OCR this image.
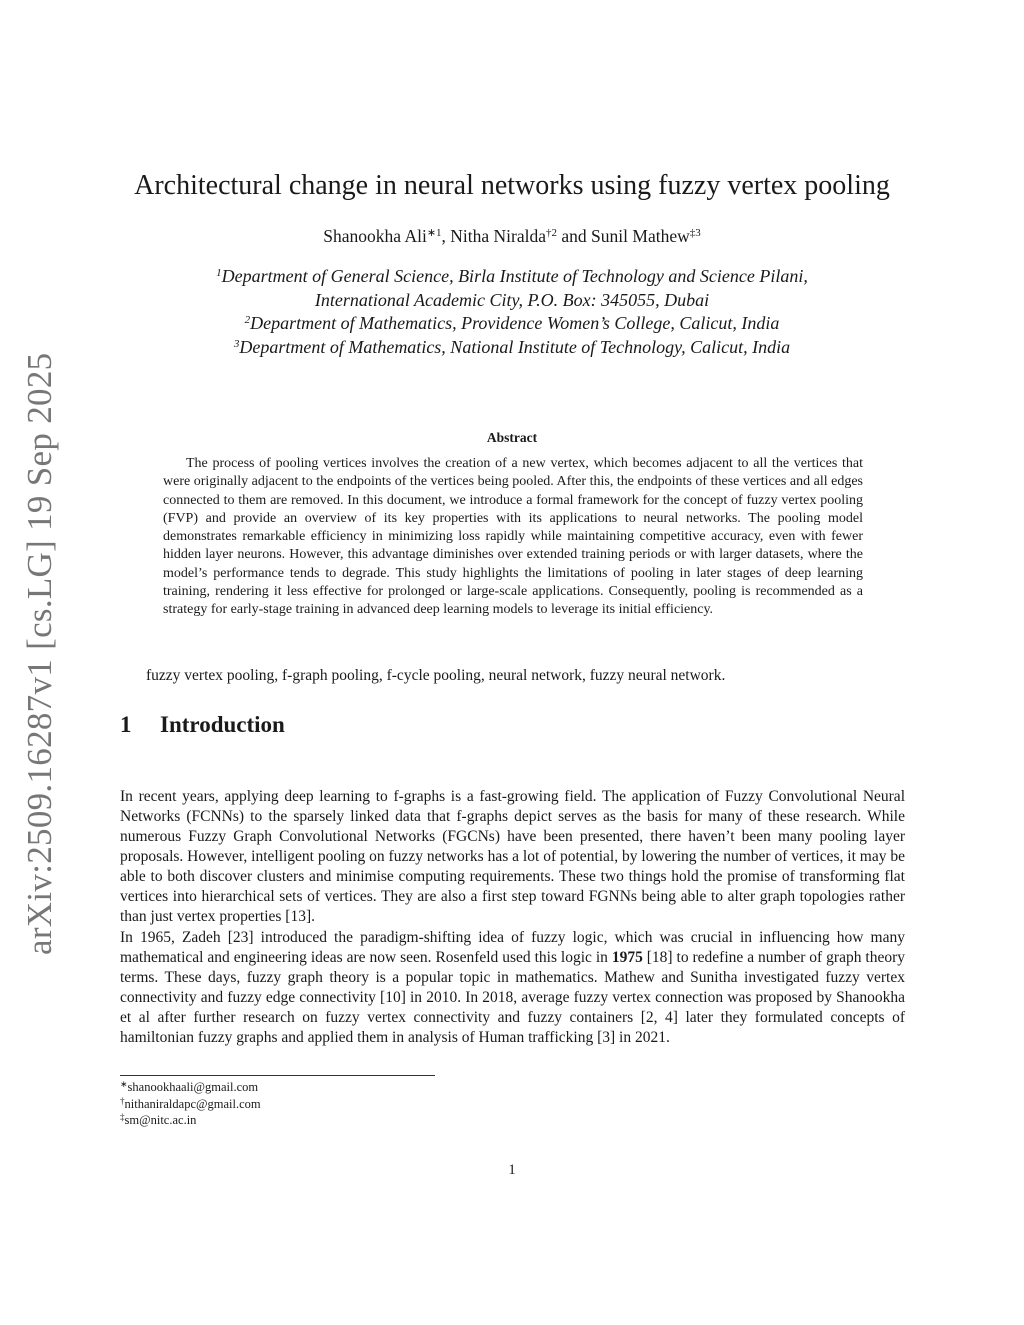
arXiv:2509.16287v1 [cs.LG] 19 Sep 2025
Architectural change in neural networks using fuzzy vertex pooling
Shanookha Ali$^{∗1}$, Nitha Niralda$^{\dagger 2}$ and Sunil Mathew$^{\ddagger 3}$
$^1$Department of General Science, Birla Institute of Technology and Science Pilani,
International Academic City, P.O. Box: 345055, Dubai
$^2$Department of Mathematics, Providence Women’s College, Calicut, India
$^3$Department of Mathematics, National Institute of Technology, Calicut, India
Abstract

The process of pooling vertices involves the creation of a new vertex, which becomes adjacent to all the vertices that were originally adjacent to the endpoints of the vertices being pooled. After this, the endpoints of these vertices and all edges connected to them are removed. In this document, we introduce a formal framework for the concept of fuzzy vertex pooling (FVP) and provide an overview of its key properties with its applications to neural networks. The pooling model demonstrates remarkable efficiency in minimizing loss rapidly while maintaining competitive accuracy, even with fewer hidden layer neurons. However, this advantage diminishes over extended training periods or with larger datasets, where the model’s performance tends to degrade. This study highlights the limitations of pooling in later stages of deep learning training, rendering it less effective for prolonged or large-scale applications. Consequently, pooling is recommended as a strategy for early-stage training in advanced deep learning models to leverage its initial efficiency.

fuzzy vertex pooling, f-graph pooling, f-cycle pooling, neural network, fuzzy neural network.
1 Introduction

In recent years, applying deep learning to f-graphs is a fast-growing field. The application of Fuzzy Convolutional Neural Networks (FCNNs) to the sparsely linked data that f-graphs depict serves as the basis for many of these research. While numerous Fuzzy Graph Convolutional Networks (FGCNs) have been presented, there haven’t been many pooling layer proposals. However, intelligent pooling on fuzzy networks has a lot of potential, by lowering the number of vertices, it may be able to both discover clusters and minimise computing requirements. These two things hold the promise of transforming flat vertices into hierarchical sets of vertices. They are also a first step toward FGNNs being able to alter graph topologies rather than just vertex properties [13].

In 1965, Zadeh [23] introduced the paradigm-shifting idea of fuzzy logic, which was crucial in influencing how many mathematical and engineering ideas are now seen. Rosenfeld used this logic in 1975 [18] to redefine a number of graph theory terms. These days, fuzzy graph theory is a popular topic in mathematics. Mathew and Sunitha investigated fuzzy vertex connectivity and fuzzy edge connectivity [10] in 2010. In 2018, average fuzzy vertex connection was proposed by Shanookha et al after further research on fuzzy vertex connectivity and fuzzy containers [2, 4] later they formulated concepts of hamiltonian fuzzy graphs and applied them in analysis of Human trafficking [3] in 2021.

∗shanookhaali@gmail.com
†nithaniraldapc@gmail.com
‡sm@nitc.ac.in
1
